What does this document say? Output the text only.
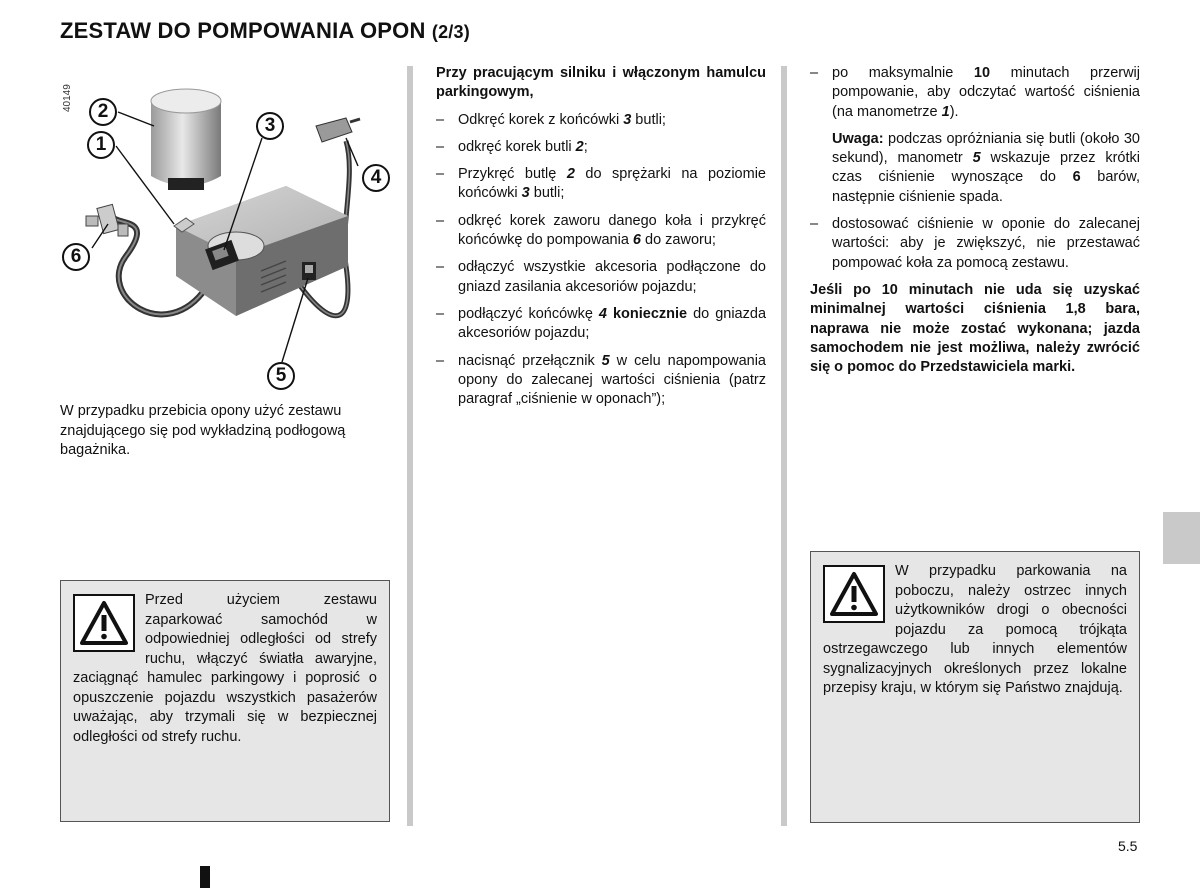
ZESTAW DO POMPOWANIA OPON (2/3)
40149	2
1
3
4
6
5

W przypadku przebicia opony użyć zestawu znajdującego się pod wykładziną podłogową bagażnika.

Przed użyciem zestawu zaparkować samochód w odpowiedniej odległości od strefy ruchu, włączyć światła awaryjne, zaciągnąć hamulec parkingowy i poprosić o opuszczenie pojazdu wszystkich pasażerów uważając, aby trzymali się w bezpiecznej odległości od strefy ruchu.

Przy pracującym silniku i włączonym hamulcu parkingowym,

– Odkręć korek z końcówki 3 butli;
– odkręć korek butli 2;
– Przykręć butlę 2 do sprężarki na poziomie końcówki 3 butli;
– odkręć korek zaworu danego koła i przykręć końcówkę do pompowania 6 do zaworu;
– odłączyć wszystkie akcesoria podłączone do gniazd zasilania akcesoriów pojazdu;
– podłączyć końcówkę 4 koniecznie do gniazda akcesoriów pojazdu;
– nacisnąć przełącznik 5 w celu napompowania opony do zalecanej wartości ciśnienia (patrz paragraf „ciśnienie w oponach”);
– po maksymalnie 10 minutach przerwij pompowanie, aby odczytać wartość ciśnienia (na manometrze 1).

Uwaga: podczas opróżniania się butli (około 30 sekund), manometr 5 wskazuje przez krótki czas ciśnienie wynoszące do 6 barów, następnie ciśnienie spada.

– dostosować ciśnienie w oponie do zalecanej wartości: aby je zwiększyć, nie przestawać pompować koła za pomocą zestawu.

Jeśli po 10 minutach nie uda się uzyskać minimalnej wartości ciśnienia 1,8 bara, naprawa nie może zostać wykonana; jazda samochodem nie jest możliwa, należy zwrócić się o pomoc do Przedstawiciela marki.

W przypadku parkowania na poboczu, należy ostrzec innych użytkowników drogi o obecności pojazdu za pomocą trójkąta ostrzegawczego lub innych elementów sygnalizacyjnych określonych przez lokalne przepisy kraju, w którym się Państwo znajdują.
5.5
